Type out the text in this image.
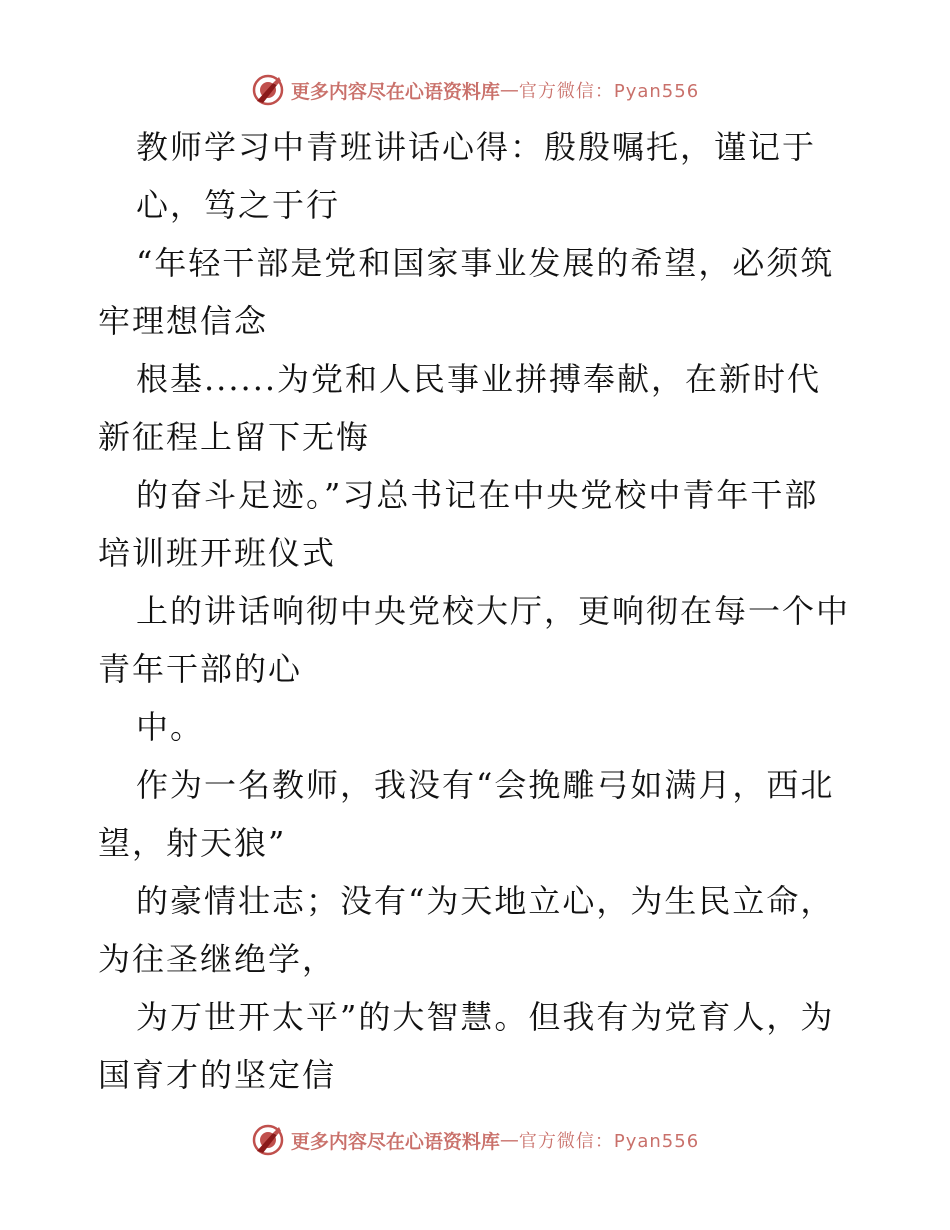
更多内容尽在心语资料库 — 官方微信：Pyan556
教师学习中青班讲话心得：殷殷嘱托，谨记于
心，笃之于行
“年轻干部是党和国家事业发展的希望，必须筑
牢理想信念
根基......为党和人民事业拼搏奉献，在新时代
新征程上留下无悔
的奋斗足迹。”习总书记在中央党校中青年干部
培训班开班仪式
上的讲话响彻中央党校大厅，更响彻在每一个中
青年干部的心
中。
作为一名教师，我没有“会挽雕弓如满月，西北
望，射天狼”
的豪情壮志；没有“为天地立心，为生民立命，
为往圣继绝学，
为万世开太平”的大智慧。但我有为党育人，为
国育才的坚定信
更多内容尽在心语资料库 — 官方微信：Pyan556
